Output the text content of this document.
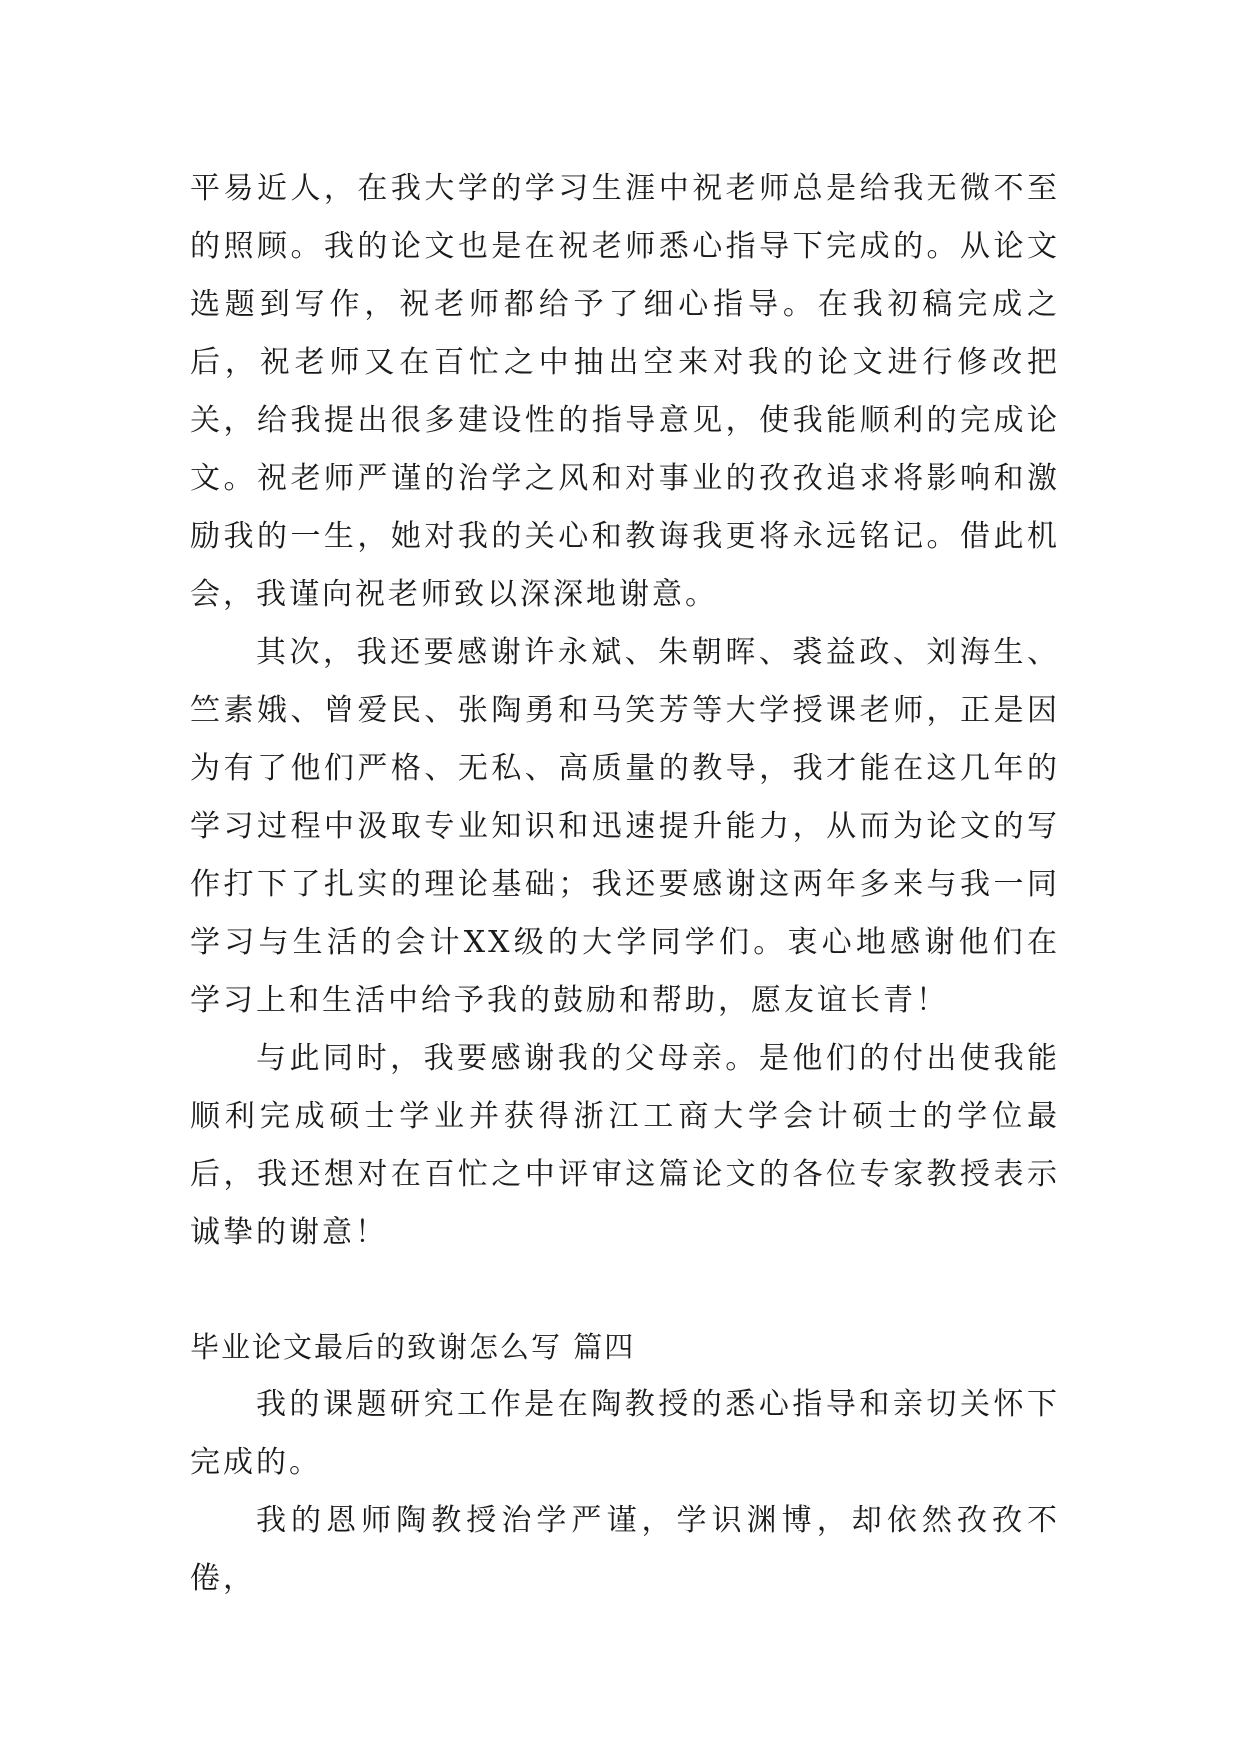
平易近人，在我大学的学习生涯中祝老师总是给我无微不至的照顾。我的论文也是在祝老师悉心指导下完成的。从论文选题到写作，祝老师都给予了细心指导。在我初稿完成之后，祝老师又在百忙之中抽出空来对我的论文进行修改把关，给我提出很多建设性的指导意见，使我能顺利的完成论文。祝老师严谨的治学之风和对事业的孜孜追求将影响和激励我的一生，她对我的关心和教诲我更将永远铭记。借此机会，我谨向祝老师致以深深地谢意。

其次，我还要感谢许永斌、朱朝晖、裘益政、刘海生、竺素娥、曾爱民、张陶勇和马笑芳等大学授课老师，正是因为有了他们严格、无私、高质量的教导，我才能在这几年的学习过程中汲取专业知识和迅速提升能力，从而为论文的写作打下了扎实的理论基础；我还要感谢这两年多来与我一同学习与生活的会计XX级的大学同学们。衷心地感谢他们在学习上和生活中给予我的鼓励和帮助，愿友谊长青！

与此同时，我要感谢我的父母亲。是他们的付出使我能顺利完成硕士学业并获得浙江工商大学会计硕士的学位最后，我还想对在百忙之中评审这篇论文的各位专家教授表示诚挚的谢意！

毕业论文最后的致谢怎么写 篇四

我的课题研究工作是在陶教授的悉心指导和亲切关怀下完成的。

我的恩师陶教授治学严谨，学识渊博，却依然孜孜不倦，
